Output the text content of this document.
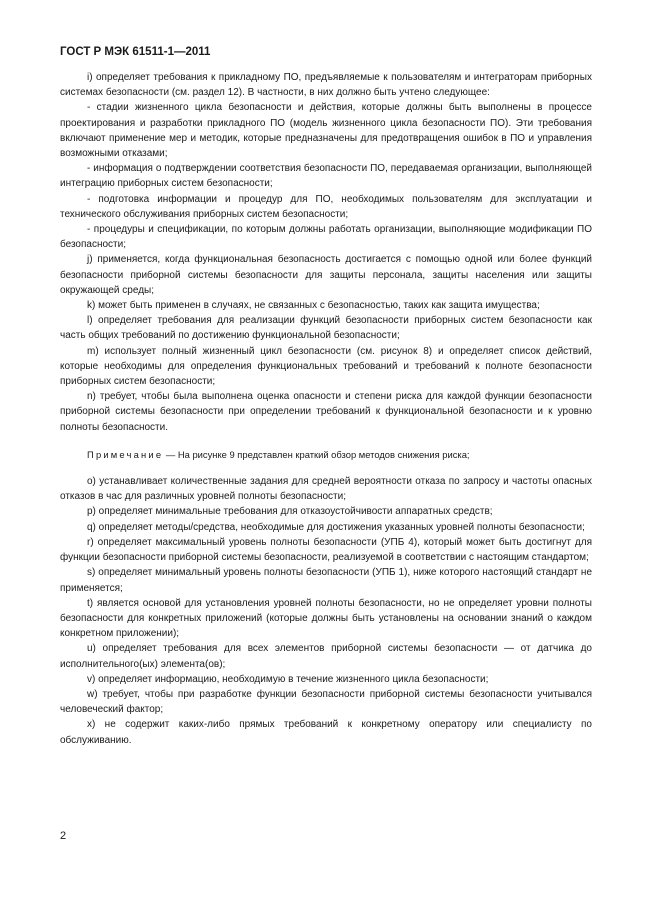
ГОСТ Р МЭК 61511-1—2011

i) определяет требования к прикладному ПО, предъявляемые к пользователям и интеграторам приборных системах безопасности (см. раздел 12). В частности, в них должно быть учтено следующее:

- стадии жизненного цикла безопасности и действия, которые должны быть выполнены в процессе проектирования и разработки прикладного ПО (модель жизненного цикла безопасности ПО). Эти требования включают применение мер и методик, которые предназначены для предотвращения ошибок в ПО и управления возможными отказами;

- информация о подтверждении соответствия безопасности ПО, передаваемая организации, выполняющей интеграцию приборных систем безопасности;

- подготовка информации и процедур для ПО, необходимых пользователям для эксплуатации и технического обслуживания приборных систем безопасности;

- процедуры и спецификации, по которым должны работать организации, выполняющие модификации ПО безопасности;

j) применяется, когда функциональная безопасность достигается с помощью одной или более функций безопасности приборной системы безопасности для защиты персонала, защиты населения или защиты окружающей среды;

k) может быть применен в случаях, не связанных с безопасностью, таких как защита имущества;

l) определяет требования для реализации функций безопасности приборных систем безопасности как часть общих требований по достижению функциональной безопасности;

m) использует полный жизненный цикл безопасности (см. рисунок 8) и определяет список действий, которые необходимы для определения функциональных требований и требований к полноте безопасности приборных систем безопасности;

n) требует, чтобы была выполнена оценка опасности и степени риска для каждой функции безопасности приборной системы безопасности при определении требований к функциональной безопасности и к уровню полноты безопасности.

Примечание — На рисунке 9 представлен краткий обзор методов снижения риска;

o) устанавливает количественные задания для средней вероятности отказа по запросу и частоты опасных отказов в час для различных уровней полноты безопасности;

p) определяет минимальные требования для отказоустойчивости аппаратных средств;

q) определяет методы/средства, необходимые для достижения указанных уровней полноты безопасности;

r) определяет максимальный уровень полноты безопасности (УПБ 4), который может быть достигнут для функции безопасности приборной системы безопасности, реализуемой в соответствии с настоящим стандартом;

s) определяет минимальный уровень полноты безопасности (УПБ 1), ниже которого настоящий стандарт не применяется;

t) является основой для установления уровней полноты безопасности, но не определяет уровни полноты безопасности для конкретных приложений (которые должны быть установлены на основании знаний о каждом конкретном приложении);

u) определяет требования для всех элементов приборной системы безопасности — от датчика до исполнительного(ых) элемента(ов);

v) определяет информацию, необходимую в течение жизненного цикла безопасности;

w) требует, чтобы при разработке функции безопасности приборной системы безопасности учитывался человеческий фактор;

x) не содержит каких-либо прямых требований к конкретному оператору или специалисту по обслуживанию.

2
